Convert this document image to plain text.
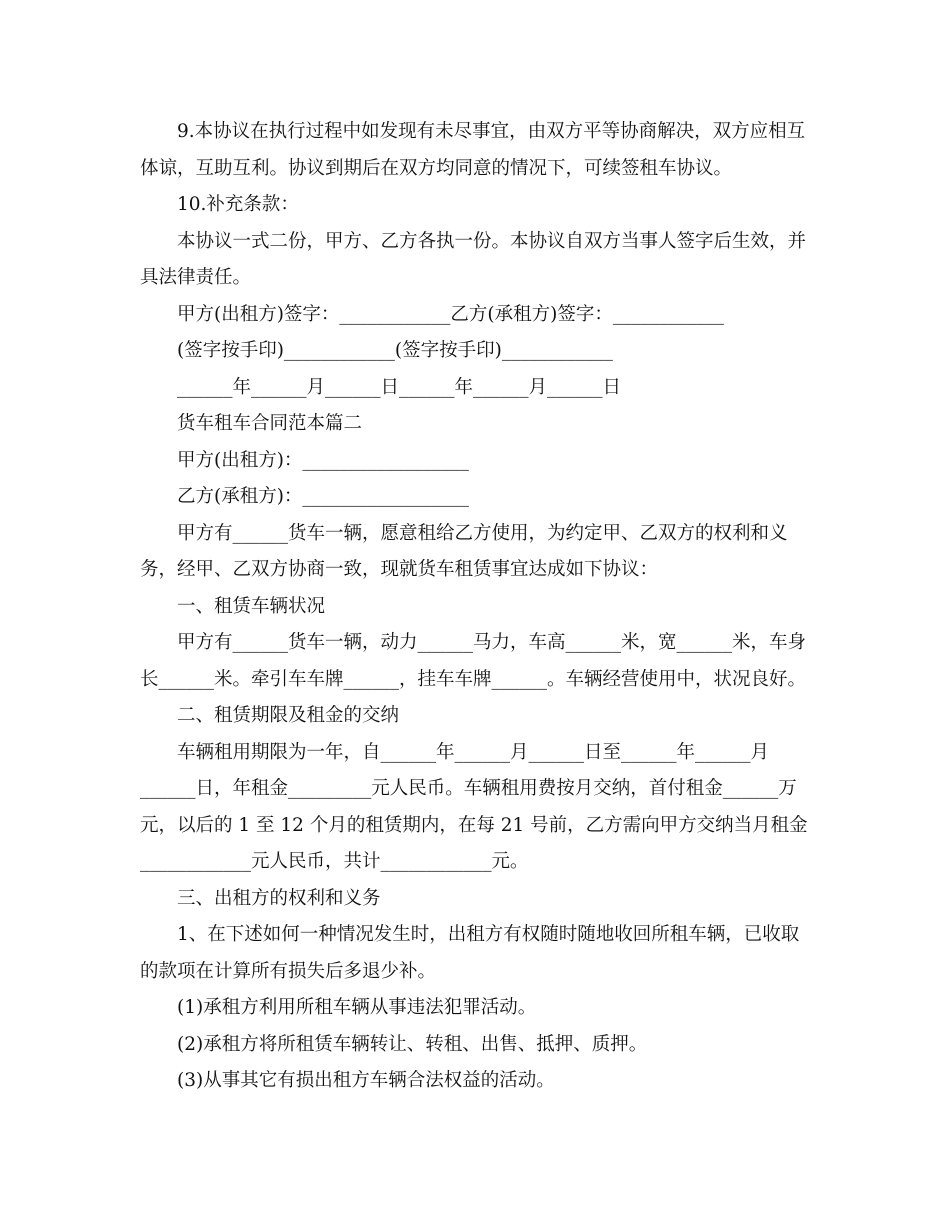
9.本协议在执行过程中如发现有未尽事宜，由双方平等协商解决，双方应相互

体谅，互助互利。协议到期后在双方均同意的情况下，可续签租车协议。

10.补充条款：

本协议一式二份，甲方、乙方各执一份。本协议自双方当事人签字后生效，并

具法律责任。

甲方(出租方)签字：____________乙方(承租方)签字：____________

(签字按手印)____________(签字按手印)____________

______年______月______日______年______月______日

货车租车合同范本篇二

甲方(出租方)：__________________

乙方(承租方)：__________________

甲方有______货车一辆，愿意租给乙方使用，为约定甲、乙双方的权利和义

务，经甲、乙双方协商一致，现就货车租赁事宜达成如下协议：

一、租赁车辆状况

甲方有______货车一辆，动力______马力，车高______米，宽______米，车身

长______米。牵引车车牌______，挂车车牌______。车辆经营使用中，状况良好。

二、租赁期限及租金的交纳

车辆租用期限为一年，自______年______月______日至______年______月

______日，年租金_________元人民币。车辆租用费按月交纳，首付租金______万

元，以后的 1 至 12 个月的租赁期内，在每 21 号前，乙方需向甲方交纳当月租金

____________元人民币，共计____________元。

三、出租方的权利和义务

1、在下述如何一种情况发生时，出租方有权随时随地收回所租车辆，已收取

的款项在计算所有损失后多退少补。

(1)承租方利用所租车辆从事违法犯罪活动。

(2)承租方将所租赁车辆转让、转租、出售、抵押、质押。

(3)从事其它有损出租方车辆合法权益的活动。
